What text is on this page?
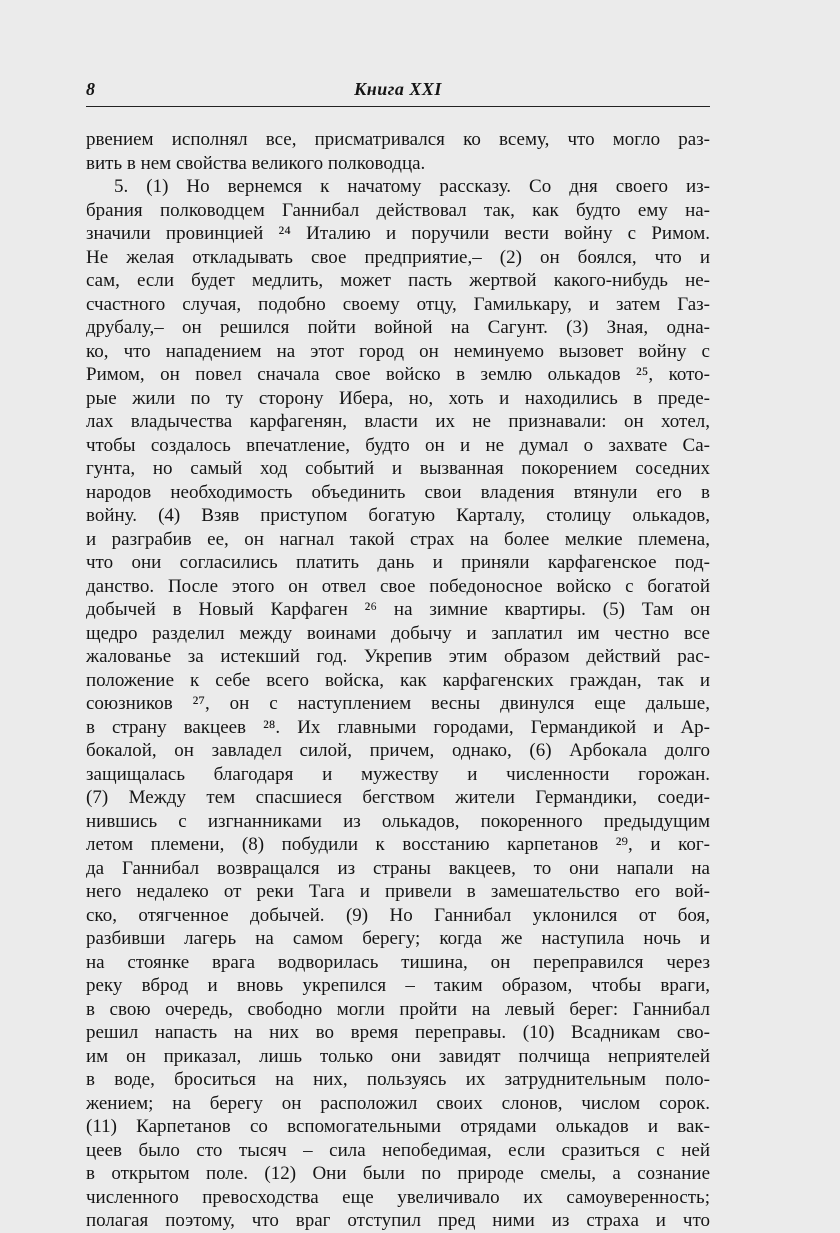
8	Книга XXI
рвением исполнял все, присматривался ко всему, что могло раз-
вить в нем свойства великого полководца.
5. (1) Но вернемся к начатому рассказу. Со дня своего из-
брания полководцем Ганнибал действовал так, как будто ему на-
значили провинцией ²⁴ Италию и поручили вести войну с Римом.
Не желая откладывать свое предприятие,– (2) он боялся, что и
сам, если будет медлить, может пасть жертвой какого-нибудь не-
счастного случая, подобно своему отцу, Гамилькару, и затем Газ-
друбалу,– он решился пойти войной на Сагунт. (3) Зная, одна-
ко, что нападением на этот город он неминуемо вызовет войну с
Римом, он повел сначала свое войско в землю олькадов ²⁵, кото-
рые жили по ту сторону Ибера, но, хоть и находились в преде-
лах владычества карфагенян, власти их не признавали: он хотел,
чтобы создалось впечатление, будто он и не думал о захвате Са-
гунта, но самый ход событий и вызванная покорением соседних
народов необходимость объединить свои владения втянули его в
войну. (4) Взяв приступом богатую Карталу, столицу олькадов,
и разграбив ее, он нагнал такой страх на более мелкие племена,
что они согласились платить дань и приняли карфагенское под-
данство. После этого он отвел свое победоносное войско с богатой
добычей в Новый Карфаген ²⁶ на зимние квартиры. (5) Там он
щедро разделил между воинами добычу и заплатил им честно все
жалованье за истекший год. Укрепив этим образом действий рас-
положение к себе всего войска, как карфагенских граждан, так и
союзников ²⁷, он с наступлением весны двинулся еще дальше,
в страну вакцеев ²⁸. Их главными городами, Германдикой и Ар-
бокалой, он завладел силой, причем, однако, (6) Арбокала долго
защищалась благодаря и мужеству и численности горожан.
(7) Между тем спасшиеся бегством жители Германдики, соеди-
нившись с изгнанниками из олькадов, покоренного предыдущим
летом племени, (8) побудили к восстанию карпетанов ²⁹, и ког-
да Ганнибал возвращался из страны вакцеев, то они напали на
него недалеко от реки Тага и привели в замешательство его вой-
ско, отягченное добычей. (9) Но Ганнибал уклонился от боя,
разбивши лагерь на самом берегу; когда же наступила ночь и
на стоянке врага водворилась тишина, он переправился через
реку вброд и вновь укрепился – таким образом, чтобы враги,
в свою очередь, свободно могли пройти на левый берег: Ганнибал
решил напасть на них во время переправы. (10) Всадникам сво-
им он приказал, лишь только они завидят полчища неприятелей
в воде, броситься на них, пользуясь их затруднительным поло-
жением; на берегу он расположил своих слонов, числом сорок.
(11) Карпетанов со вспомогательными отрядами олькадов и вак-
цеев было сто тысяч – сила непобедимая, если сразиться с ней
в открытом поле. (12) Они были по природе смелы, а сознание
численного превосходства еще увеличивало их самоуверенность;
полагая поэтому, что враг отступил пред ними из страха и что
